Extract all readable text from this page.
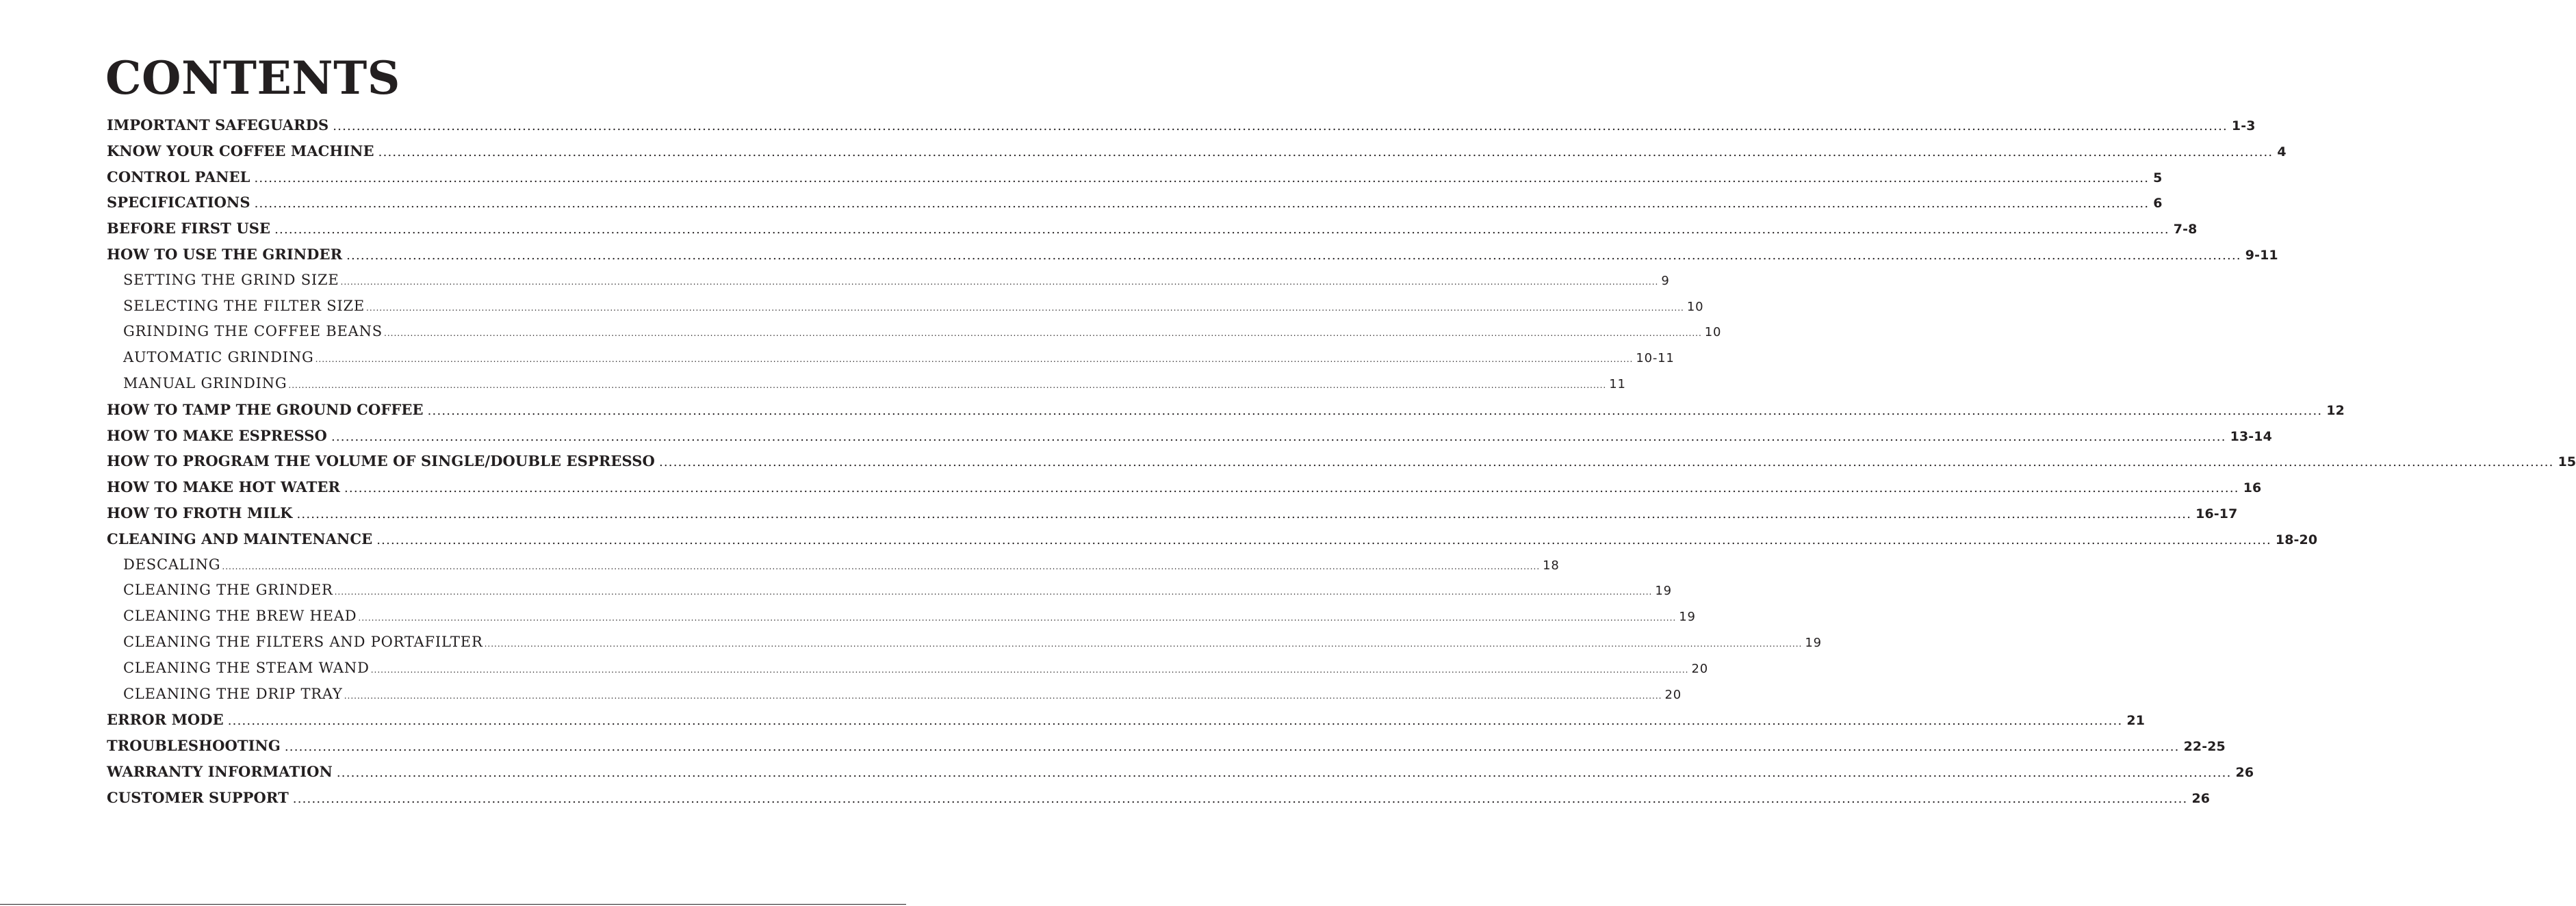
CONTENTS
IMPORTANT SAFEGUARDS ................................................................................................................................................................................................................................................................................................................................................................................................................ 1-3
KNOW YOUR COFFEE MACHINE ................................................................................................................................................................................................................................................................................................................................................................................................................ 4
CONTROL PANEL ................................................................................................................................................................................................................................................................................................................................................................................................................ 5
SPECIFICATIONS ................................................................................................................................................................................................................................................................................................................................................................................................................ 6
BEFORE FIRST USE ................................................................................................................................................................................................................................................................................................................................................................................................................ 7-8
HOW TO USE THE GRINDER ................................................................................................................................................................................................................................................................................................................................................................................................................ 9-11
SETTING THE GRIND SIZE ................................................................................................................................................................................................................................................................................................................................................................................................................ 9
SELECTING THE FILTER SIZE ................................................................................................................................................................................................................................................................................................................................................................................................................ 10
GRINDING THE COFFEE BEANS ................................................................................................................................................................................................................................................................................................................................................................................................................ 10
AUTOMATIC GRINDING ................................................................................................................................................................................................................................................................................................................................................................................................................ 10-11
MANUAL GRINDING ................................................................................................................................................................................................................................................................................................................................................................................................................ 11
HOW TO TAMP THE GROUND COFFEE ................................................................................................................................................................................................................................................................................................................................................................................................................ 12
HOW TO MAKE ESPRESSO ................................................................................................................................................................................................................................................................................................................................................................................................................ 13-14
HOW TO PROGRAM THE VOLUME OF SINGLE/DOUBLE ESPRESSO ................................................................................................................................................................................................................................................................................................................................................................................................................ 15
HOW TO MAKE HOT WATER ................................................................................................................................................................................................................................................................................................................................................................................................................ 16
HOW TO FROTH MILK ................................................................................................................................................................................................................................................................................................................................................................................................................ 16-17
CLEANING AND MAINTENANCE ................................................................................................................................................................................................................................................................................................................................................................................................................ 18-20
DESCALING ................................................................................................................................................................................................................................................................................................................................................................................................................ 18
CLEANING THE GRINDER ................................................................................................................................................................................................................................................................................................................................................................................................................ 19
CLEANING THE BREW HEAD ................................................................................................................................................................................................................................................................................................................................................................................................................ 19
CLEANING THE FILTERS AND PORTAFILTER ................................................................................................................................................................................................................................................................................................................................................................................................................ 19
CLEANING THE STEAM WAND ................................................................................................................................................................................................................................................................................................................................................................................................................ 20
CLEANING THE DRIP TRAY ................................................................................................................................................................................................................................................................................................................................................................................................................ 20
ERROR MODE ................................................................................................................................................................................................................................................................................................................................................................................................................ 21
TROUBLESHOOTING ................................................................................................................................................................................................................................................................................................................................................................................................................ 22-25
WARRANTY INFORMATION ................................................................................................................................................................................................................................................................................................................................................................................................................ 26
CUSTOMER SUPPORT ................................................................................................................................................................................................................................................................................................................................................................................................................ 26
